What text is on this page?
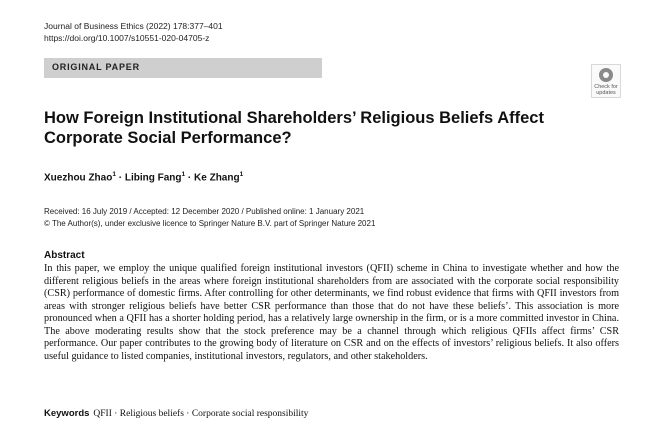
Journal of Business Ethics (2022) 178:377–401
https://doi.org/10.1007/s10551-020-04705-z
ORIGINAL PAPER
Check for
updates
How Foreign Institutional Shareholders’ Religious Beliefs Affect
Corporate Social Performance?
Xuezhou Zhao$^1$ · Libing Fang$^1$ · Ke Zhang$^1$
Received: 16 July 2019 / Accepted: 12 December 2020 / Published online: 1 January 2021
© The Author(s), under exclusive licence to Springer Nature B.V. part of Springer Nature 2021
Abstract
In this paper, we employ the unique qualified foreign institutional investors (QFII) scheme in China to investigate whether and how the different religious beliefs in the areas where foreign institutional shareholders from are associated with the corporate social responsibility (CSR) performance of domestic firms. After controlling for other determinants, we find robust evidence that firms with QFII investors from areas with stronger religious beliefs have better CSR performance than those that do not have these beliefs’. This association is more pronounced when a QFII has a shorter holding period, has a relatively large ownership in the firm, or is a more committed investor in China. The above moderating results show that the stock preference may be a channel through which religious QFIIs affect firms’ CSR performance. Our paper contributes to the growing body of literature on CSR and on the effects of investors’ religious beliefs. It also offers useful guidance to listed companies, institutional investors, regulators, and other stakeholders.
Keywords QFII · Religious beliefs · Corporate social responsibility
